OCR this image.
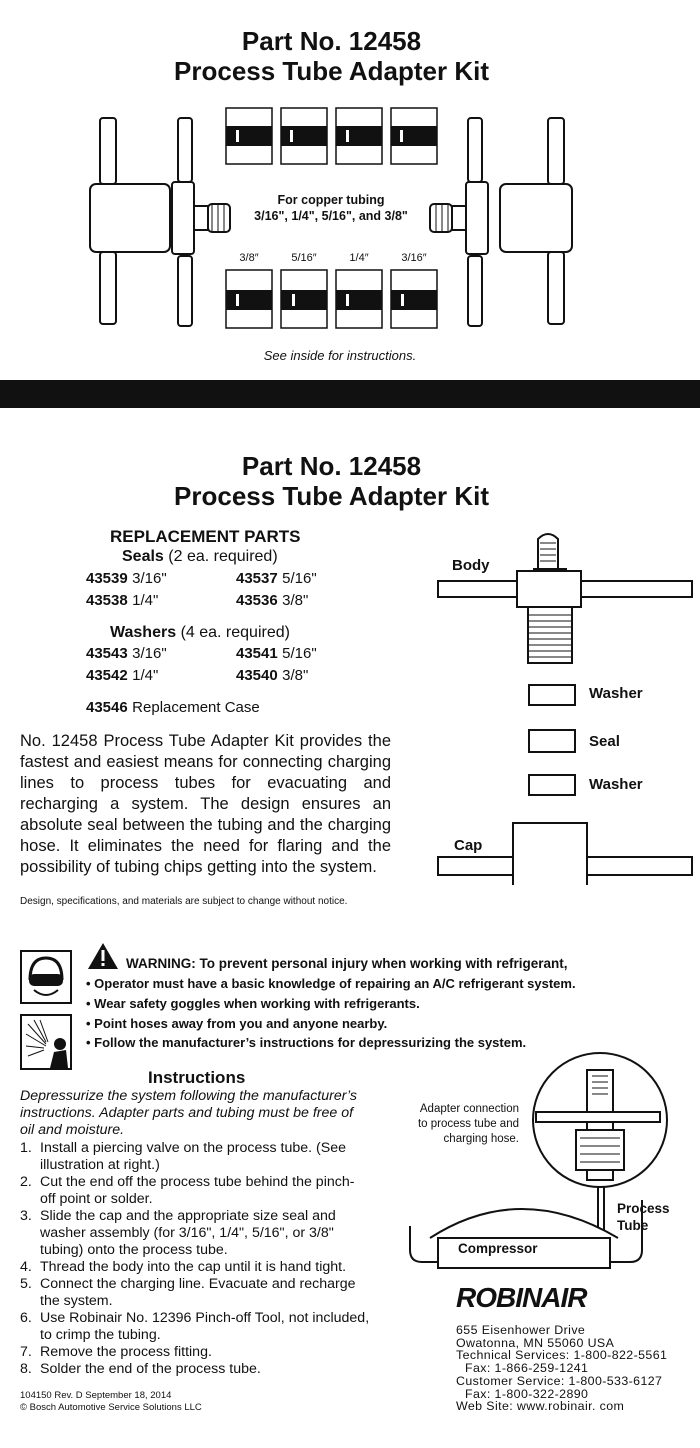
Part No. 12458
Process Tube Adapter Kit
For copper tubing
3/16", 1/4", 5/16", and 3/8"
3/8″	5/16″	1/4″	3/16″
See inside for instructions.
Part No. 12458
Process Tube Adapter Kit
REPLACEMENT PARTS
Seals (2 ea. required)
43539 3/16"	43537 5/16"
43538 1/4"	43536 3/8"
Washers (4 ea. required)
43543 3/16"	43541 5/16"
43542 1/4"	43540 3/8"
43546 Replacement Case
No. 12458 Process Tube Adapter Kit provides the fastest and easiest means for connecting charging lines to process tubes for evacuating and recharging a system. The design ensures an absolute seal between the tubing and the charging hose. It eliminates the need for flaring and the possibility of tubing chips getting into the system.
Design, specifications, and materials are subject to change without notice.
Body
Washer
Seal
Washer
Cap
WARNING: To prevent personal injury when working with refrigerant,
• Operator must have a basic knowledge of repairing an A/C refrigerant system.
• Wear safety goggles when working with refrigerants.
• Point hoses away from you and anyone nearby.
• Follow the manufacturer’s instructions for depressurizing the system.
Instructions
Depressurize the system following the manufacturer’s
instructions. Adapter parts and tubing must be free of
oil and moisture.
1. Install a piercing valve on the process tube. (See
illustration at right.)
2. Cut the end off the process tube behind the pinch-
off point or solder.
3. Slide the cap and the appropriate size seal and
washer assembly (for 3/16", 1/4", 5/16", or 3/8"
tubing) onto the process tube.
4. Thread the body into the cap until it is hand tight.
5. Connect the charging line. Evacuate and recharge
the system.
6. Use Robinair No. 12396 Pinch-off Tool, not included,
to crimp the tubing.
7. Remove the process fitting.
8. Solder the end of the process tube.
Adapter connection
to process tube and
charging hose.
Process
Tube
Compressor
ROBINAIR
655 Eisenhower Drive
Owatonna, MN 55060 USA
Technical Services: 1-800-822-5561
Fax: 1-866-259-1241
Customer Service: 1-800-533-6127
Fax: 1-800-322-2890
Web Site: www.robinair. com
104150 Rev. D September 18, 2014
© Bosch Automotive Service Solutions LLC
